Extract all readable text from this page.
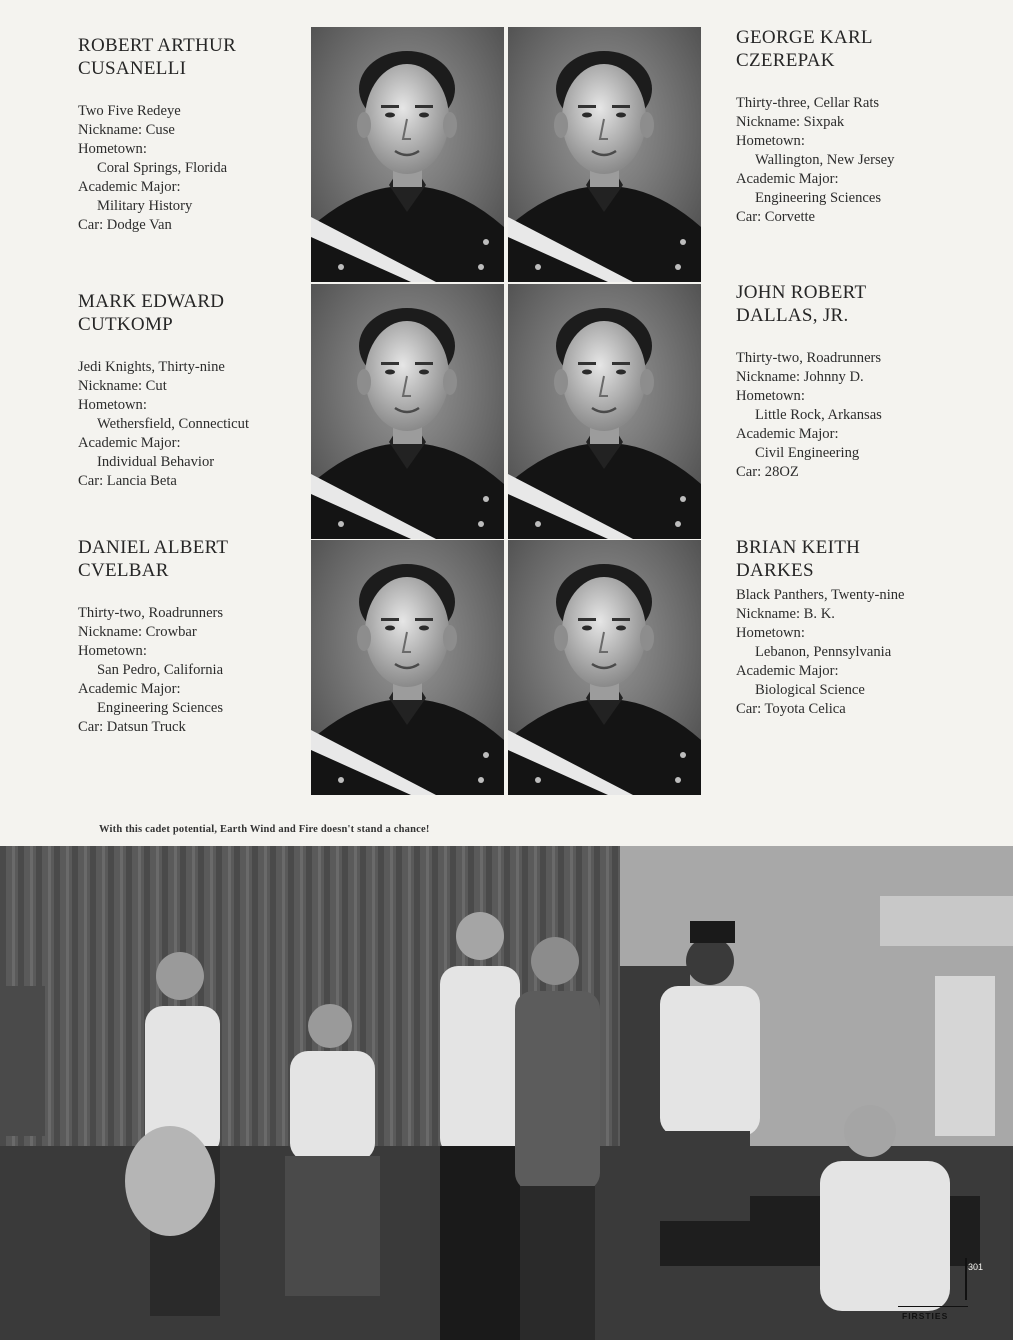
ROBERT ARTHUR
CUSANELLI
Two Five Redeye
Nickname: Cuse
Hometown:
Coral Springs, Florida
Academic Major:
Military History
Car: Dodge Van
GEORGE KARL
CZEREPAK
Thirty-three, Cellar Rats
Nickname: Sixpak
Hometown:
Wallington, New Jersey
Academic Major:
Engineering Sciences
Car: Corvette
MARK EDWARD
CUTKOMP
Jedi Knights, Thirty-nine
Nickname: Cut
Hometown:
Wethersfield, Connecticut
Academic Major:
Individual Behavior
Car: Lancia Beta
JOHN ROBERT
DALLAS, JR.
Thirty-two, Roadrunners
Nickname: Johnny D.
Hometown:
Little Rock, Arkansas
Academic Major:
Civil Engineering
Car: 28OZ
DANIEL ALBERT
CVELBAR
Thirty-two, Roadrunners
Nickname: Crowbar
Hometown:
San Pedro, California
Academic Major:
Engineering Sciences
Car: Datsun Truck
BRIAN KEITH
DARKES
Black Panthers, Twenty-nine
Nickname: B. K.
Hometown:
Lebanon, Pennsylvania
Academic Major:
Biological Science
Car: Toyota Celica
With this cadet potential, Earth Wind and Fire doesn't stand a chance!
301
FIRSTIES
